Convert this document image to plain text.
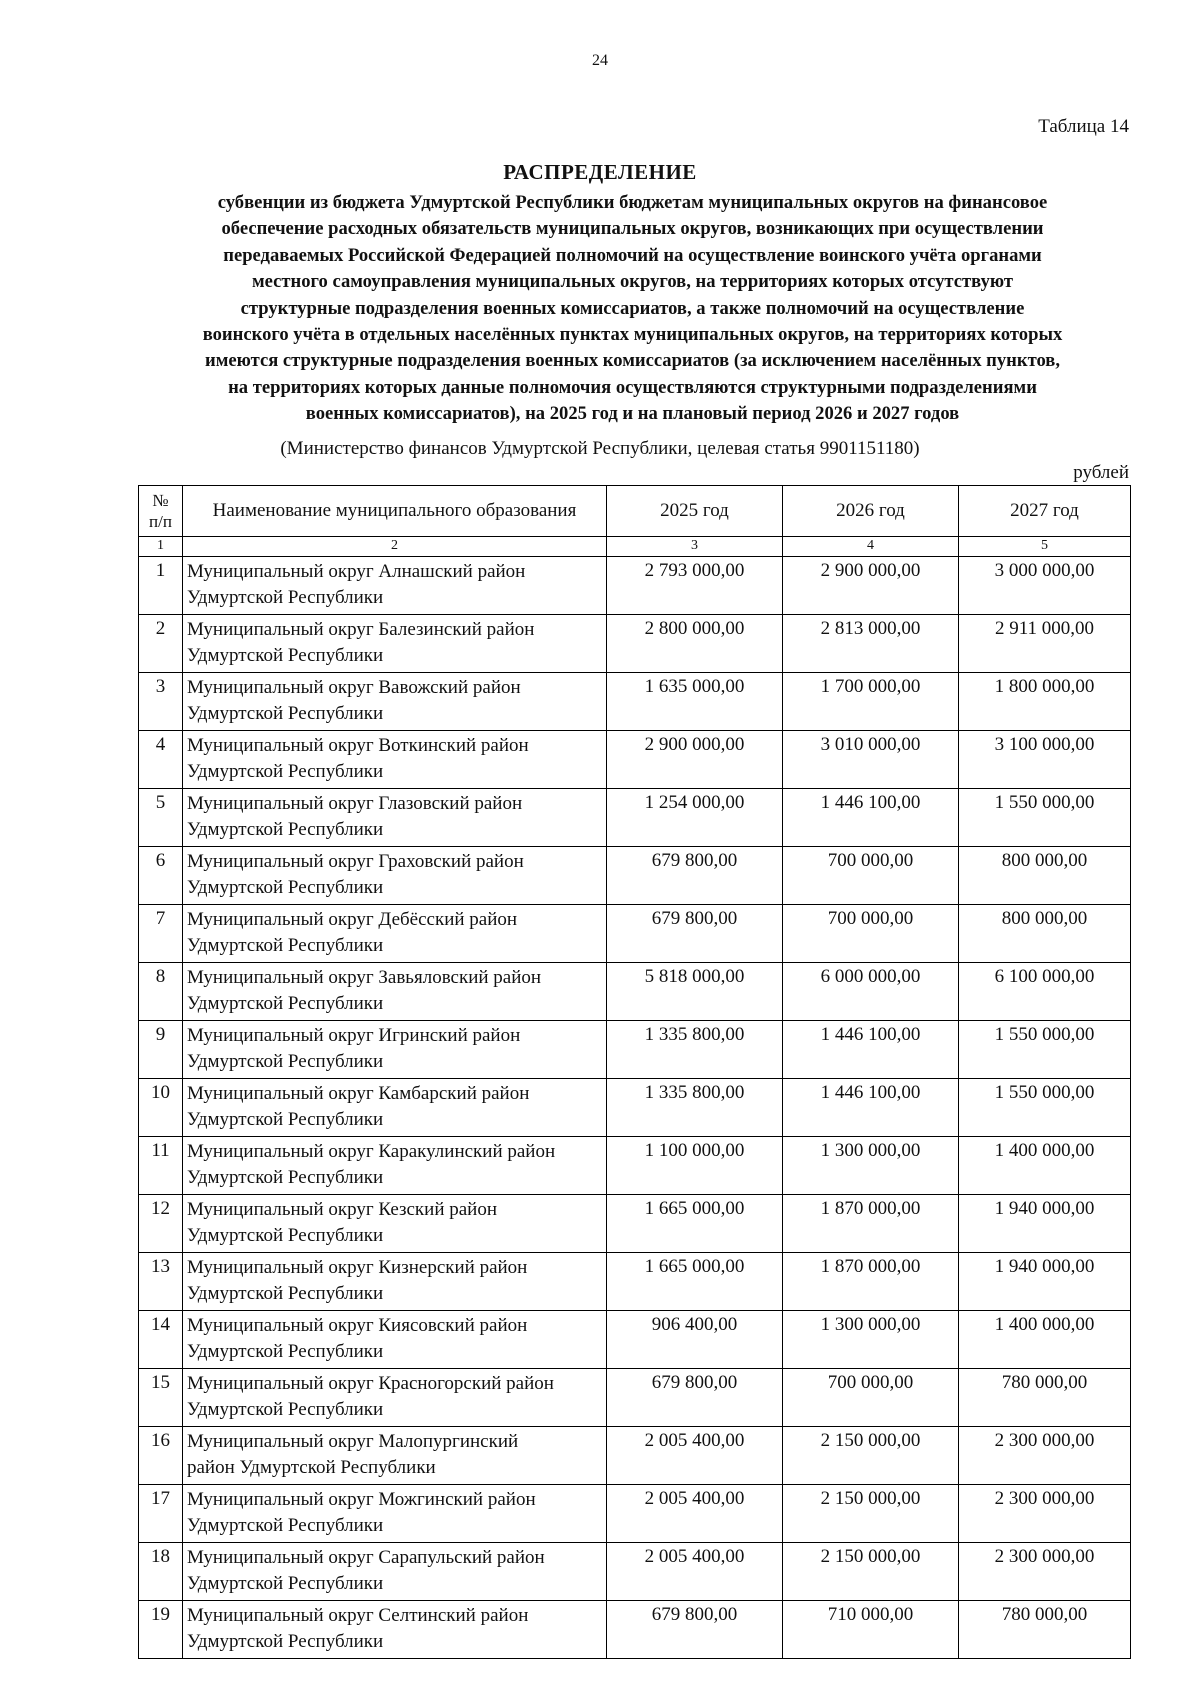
24
Таблица 14
РАСПРЕДЕЛЕНИЕ
субвенции из бюджета Удмуртской Республики бюджетам муниципальных округов на финансовое
обеспечение расходных обязательств муниципальных округов, возникающих при осуществлении
передаваемых Российской Федерацией полномочий на осуществление воинского учёта органами
местного самоуправления муниципальных округов, на территориях которых отсутствуют
структурные подразделения военных комиссариатов, а также полномочий на осуществление
воинского учёта в отдельных населённых пунктах муниципальных округов, на территориях которых
имеются структурные подразделения военных комиссариатов (за исключением населённых пунктов,
на территориях которых данные полномочия осуществляются структурными подразделениями
военных комиссариатов), на 2025 год и на плановый период 2026 и 2027 годов
(Министерство финансов Удмуртской Республики, целевая статья 9901151180)
рублей
№
п/п	Наименование муниципального образования	2025 год	2026 год	2027 год
1	2	3	4	5
1	Муниципальный округ Алнашский район
Удмуртской Республики	2 793 000,00	2 900 000,00	3 000 000,00
2	Муниципальный округ Балезинский район
Удмуртской Республики	2 800 000,00	2 813 000,00	2 911 000,00
3	Муниципальный округ Вавожский район
Удмуртской Республики	1 635 000,00	1 700 000,00	1 800 000,00
4	Муниципальный округ Воткинский район
Удмуртской Республики	2 900 000,00	3 010 000,00	3 100 000,00
5	Муниципальный округ Глазовский район
Удмуртской Республики	1 254 000,00	1 446 100,00	1 550 000,00
6	Муниципальный округ Граховский район
Удмуртской Республики	679 800,00	700 000,00	800 000,00
7	Муниципальный округ Дебёсский район
Удмуртской Республики	679 800,00	700 000,00	800 000,00
8	Муниципальный округ Завьяловский район
Удмуртской Республики	5 818 000,00	6 000 000,00	6 100 000,00
9	Муниципальный округ Игринский район
Удмуртской Республики	1 335 800,00	1 446 100,00	1 550 000,00
10	Муниципальный округ Камбарский район
Удмуртской Республики	1 335 800,00	1 446 100,00	1 550 000,00
11	Муниципальный округ Каракулинский район
Удмуртской Республики	1 100 000,00	1 300 000,00	1 400 000,00
12	Муниципальный округ Кезский район
Удмуртской Республики	1 665 000,00	1 870 000,00	1 940 000,00
13	Муниципальный округ Кизнерский район
Удмуртской Республики	1 665 000,00	1 870 000,00	1 940 000,00
14	Муниципальный округ Киясовский район
Удмуртской Республики	906 400,00	1 300 000,00	1 400 000,00
15	Муниципальный округ Красногорский район
Удмуртской Республики	679 800,00	700 000,00	780 000,00
16	Муниципальный округ Малопургинский
район Удмуртской Республики	2 005 400,00	2 150 000,00	2 300 000,00
17	Муниципальный округ Можгинский район
Удмуртской Республики	2 005 400,00	2 150 000,00	2 300 000,00
18	Муниципальный округ Сарапульский район
Удмуртской Республики	2 005 400,00	2 150 000,00	2 300 000,00
19	Муниципальный округ Селтинский район
Удмуртской Республики	679 800,00	710 000,00	780 000,00
